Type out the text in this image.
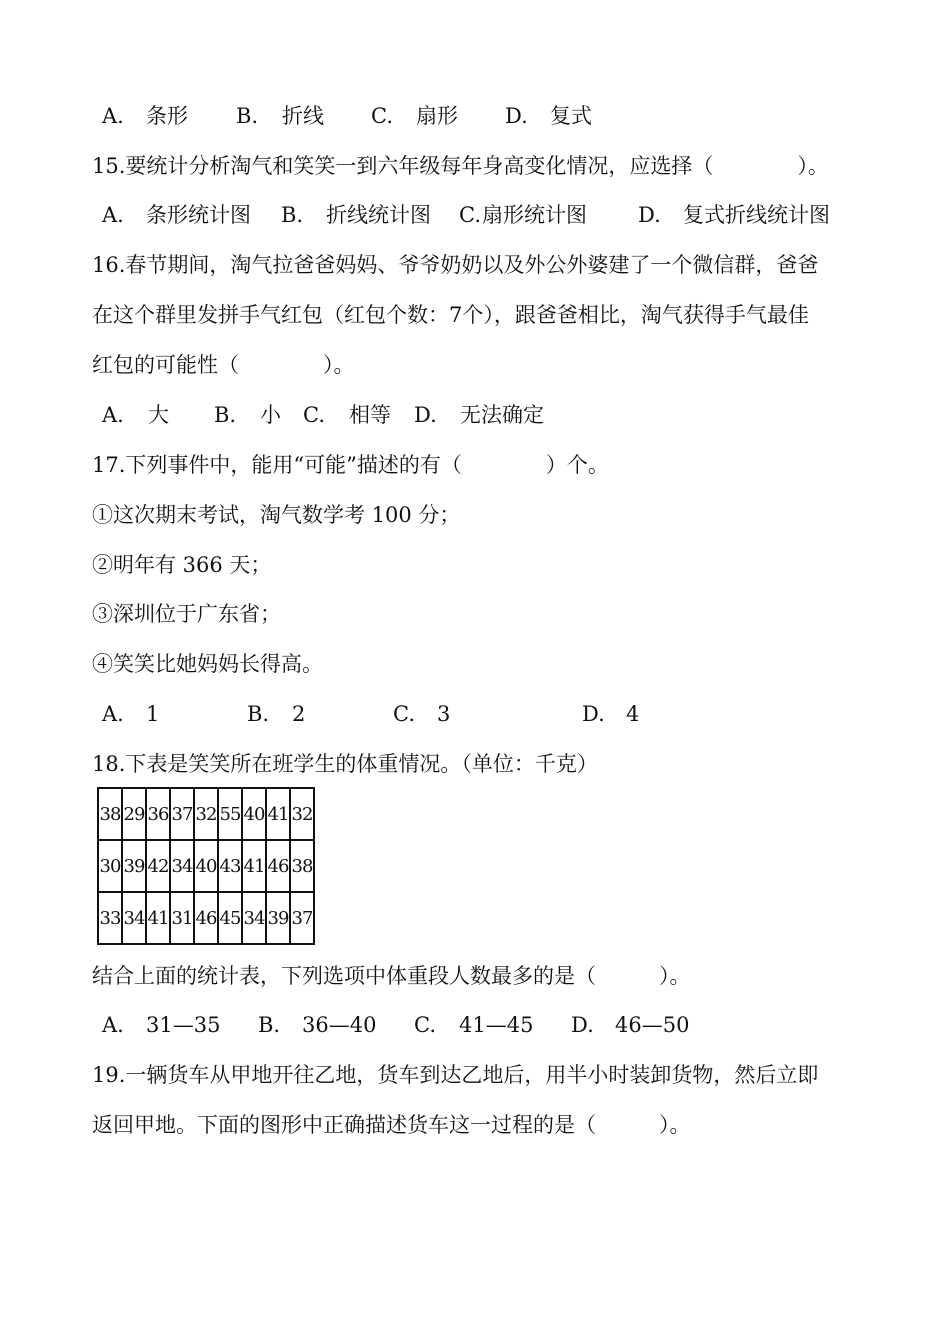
A. 条形 B. 折线 C. 扇形 D. 复式
15.要统计分析淘气和笑笑一到六年级每年身高变化情况，应选择（　　　　）。
A. 条形统计图 B. 折线统计图 C. 扇形统计图 D. 复式折线统计图
16.春节期间，淘气拉爸爸妈妈、爷爷奶奶以及外公外婆建了一个微信群，爸爸
在这个群里发拼手气红包（红包个数：7个），跟爸爸相比，淘气获得手气最佳
红包的可能性（　　　　）。
A. 大 B. 小 C. 相等 D. 无法确定
17.下列事件中，能用“可能”描述的有（　　　　）个。
①这次期末考试，淘气数学考 100 分；
②明年有 366 天；
③深圳位于广东省；
④笑笑比她妈妈长得高。
A. 1	B. 2	C. 3	D. 4
18.下表是笑笑所在班学生的体重情况。（单位：千克）
38	29	36	37	32	55	40	41	32
30	39	42	34	40	43	41	46	38
33	34	41	31	46	45	34	39	37
结合上面的统计表，下列选项中体重段人数最多的是（　　　）。
A. 31—35 B. 36—40 C. 41—45 D. 46—50
19.一辆货车从甲地开往乙地，货车到达乙地后，用半小时装卸货物，然后立即
返回甲地。下面的图形中正确描述货车这一过程的是（　　　）。
